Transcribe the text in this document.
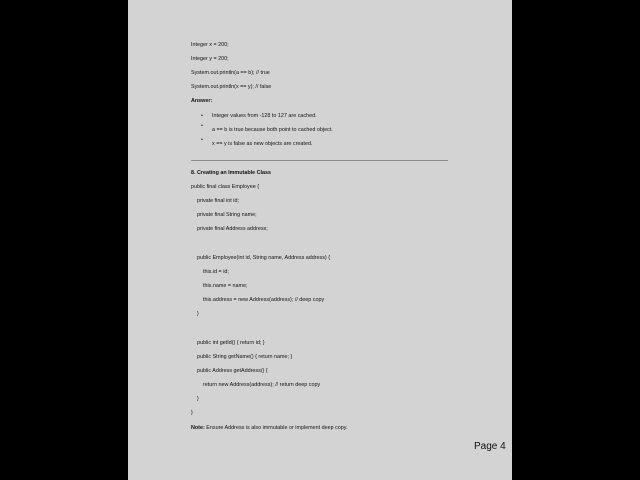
Integer x = 200;
Integer y = 200;
System.out.println(a == b); // true
System.out.println(x == y); // false
Answer:
• Integer values from -128 to 127 are cached.
•
a == b is true because both point to cached object.
•
x == y is false as new objects are created.
8. Creating an Immutable Class
public final class Employee {
private final int id;
private final String name;
private final Address address;
public Employee(int id, String name, Address address) {
this.id = id;
this.name = name;
this.address = new Address(address); // deep copy
}
public int getId() { return id; }
public String getName() { return name; }
public Address getAddress() {
return new Address(address); // return deep copy
}
}
Note: Ensure Address is also immutable or implement deep copy.
Page 4
